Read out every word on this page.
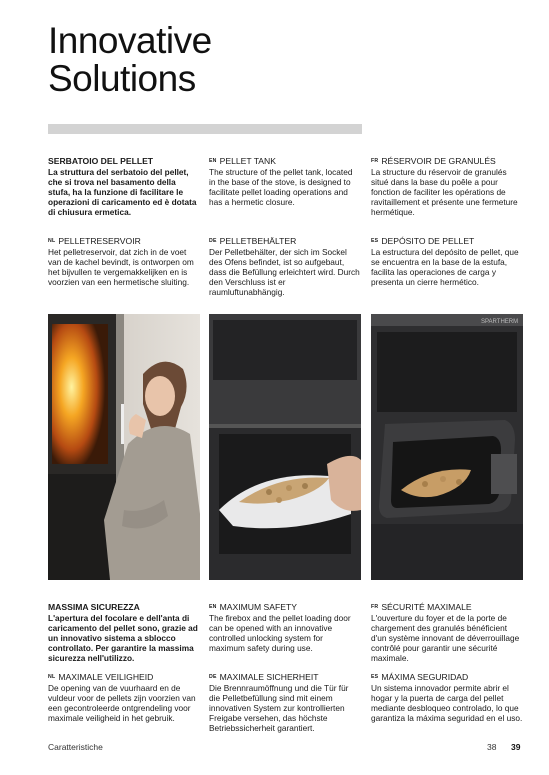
Innovative
Solutions
SERBATOIO DEL PELLET
La struttura del serbatoio del pellet, che si trova nel basamento della stufa, ha la funzione di facilitare le operazioni di caricamento ed è dotata di chiusura ermetica.
$^{EN}$ PELLET TANK
The structure of the pellet tank, located in the base of the stove, is designed to facilitate pellet loading operations and has a hermetic closure.
$^{FR}$ RÉSERVOIR DE GRANULÉS
La structure du réservoir de granulés situé dans la base du poêle a pour fonction de faciliter les opérations de ravitaillement et présente une fermeture hermétique.
$^{NL}$ PELLETRESERVOIR
Het pelletreservoir, dat zich in de voet van de kachel bevindt, is ontworpen om het bijvullen te vergemakkelijken en is voorzien van een hermetische sluiting.
$^{DE}$ PELLETBEHÄLTER
Der Pelletbehälter, der sich im Sockel des Ofens befindet, ist so aufgebaut, dass die Befüllung erleichtert wird. Durch den Verschluss ist er raumluftunabhängig.
$^{ES}$ DEPÓSITO DE PELLET
La estructura del depósito de pellet, que se encuentra en la base de la estufa, facilita las operaciones de carga y presenta un cierre hermético.
SPARTHERM
MASSIMA SICUREZZA
L'apertura del focolare e dell'anta di caricamento del pellet sono, grazie ad un innovativo sistema a sblocco controllato. Per garantire la massima sicurezza nell'utilizzo.
$^{EN}$ MAXIMUM SAFETY
The firebox and the pellet loading door can be opened with an innovative controlled unlocking system for maximum safety during use.
$^{FR}$ SÉCURITÉ MAXIMALE
L'ouverture du foyer et de la porte de chargement des granulés bénéficient d'un système innovant de déverrouillage contrôlé pour garantir une sécurité maximale.
$^{NL}$ MAXIMALE VEILIGHEID
De opening van de vuurhaard en de vuldeur voor de pellets zijn voorzien van een gecontroleerde ontgrendeling voor maximale veiligheid in het gebruik.
$^{DE}$ MAXIMALE SICHERHEIT
Die Brennraumöffnung und die Tür für die Pelletbefüllung sind mit einem innovativen System zur kontrollierten Freigabe versehen, das höchste Betriebssicherheit garantiert.
$^{ES}$ MÁXIMA SEGURIDAD
Un sistema innovador permite abrir el hogar y la puerta de carga del pellet mediante desbloqueo controlado, lo que garantiza la máxima seguridad en el uso.
Caratteristiche	38 39
